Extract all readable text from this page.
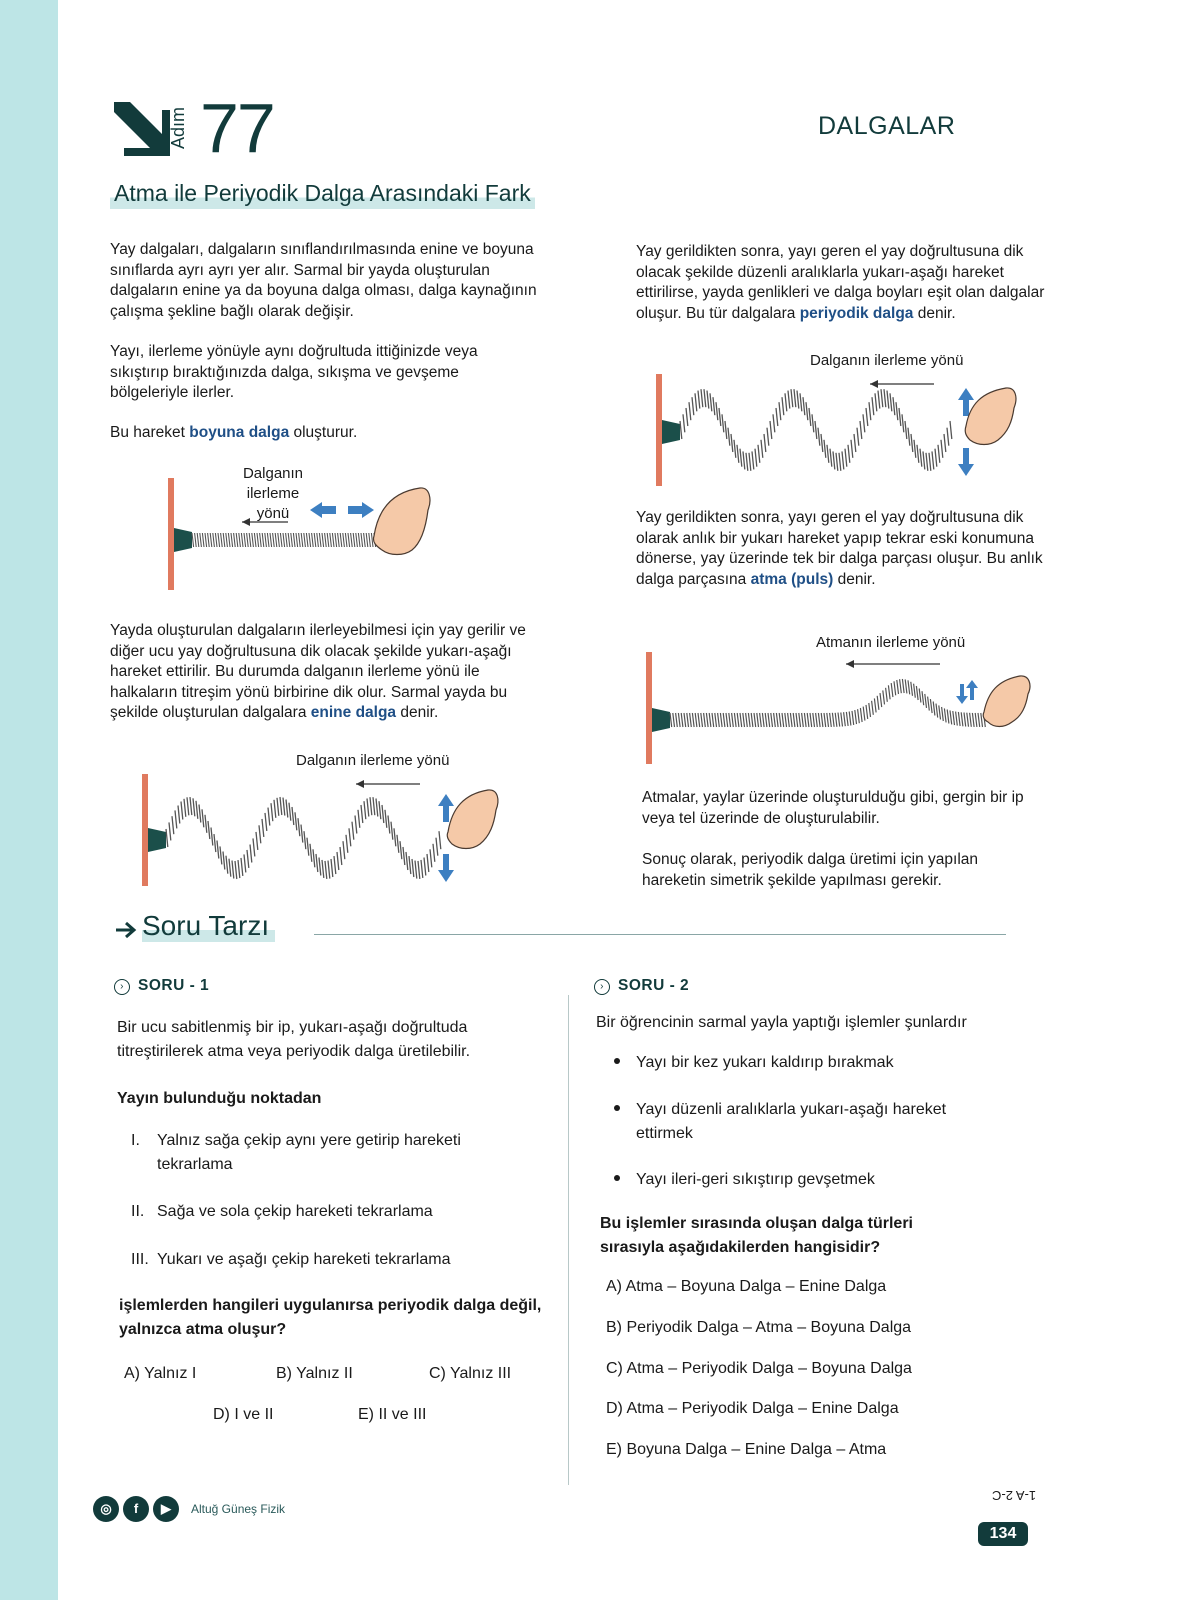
Adım 77	DALGALAR
Atma ile Periyodik Dalga Arasındaki Fark

Yay dalgaları, dalgaların sınıflandırılmasında enine ve boyuna sınıflarda ayrı ayrı yer alır. Sarmal bir yayda oluşturulan dalgaların enine ya da boyuna dalga olması, dalga kaynağının çalışma şekline bağlı olarak değişir.

Yayı, ilerleme yönüyle aynı doğrultuda ittiğinizde veya sıkıştırıp bıraktığınızda dalga, sıkışma ve gevşeme bölgeleriyle ilerler.

Bu hareket boyuna dalga oluşturur.

Dalganın
ilerleme
yönü

Yayda oluşturulan dalgaların ilerleyebilmesi için yay gerilir ve diğer ucu yay doğrultusuna dik olacak şekilde yukarı-aşağı hareket ettirilir. Bu durumda dalganın ilerleme yönü ile halkaların titreşim yönü birbirine dik olur. Sarmal yayda bu şekilde oluşturulan dalgalara enine dalga denir.

Dalganın ilerleme yönü

Yay gerildikten sonra, yayı geren el yay doğrultusuna dik olacak şekilde düzenli aralıklarla yukarı-aşağı hareket ettirilirse, yayda genlikleri ve dalga boyları eşit olan dalgalar oluşur. Bu tür dalgalara periyodik dalga denir.

Dalganın ilerleme yönü

Yay gerildikten sonra, yayı geren el yay doğrultusuna dik olarak anlık bir yukarı hareket yapıp tekrar eski konumuna dönerse, yay üzerinde tek bir dalga parçası oluşur. Bu anlık dalga parçasına atma (puls) denir.

Atmanın ilerleme yönü

Atmalar, yaylar üzerinde oluşturulduğu gibi, gergin bir ip veya tel üzerinde de oluşturulabilir.

Sonuç olarak, periyodik dalga üretimi için yapılan hareketin simetrik şekilde yapılması gerekir.

Soru Tarzı
› SORU - 1
Bir ucu sabitlenmiş bir ip, yukarı-aşağı doğrultuda titreştirilerek atma veya periyodik dalga üretilebilir.
Yayın bulunduğu noktadan
I. Yalnız sağa çekip aynı yere getirip hareketi tekrarlama
II. Sağa ve sola çekip hareketi tekrarlama
III. Yukarı ve aşağı çekip hareketi tekrarlama
işlemlerden hangileri uygulanırsa periyodik dalga değil, yalnızca atma oluşur?
A) Yalnız I	B) Yalnız II	C) Yalnız III
D) I ve II	E) II ve III
› SORU - 2
Bir öğrencinin sarmal yayla yaptığı işlemler şunlardır
Yayı bir kez yukarı kaldırıp bırakmak
Yayı düzenli aralıklarla yukarı-aşağı hareket ettirmek
Yayı ileri-geri sıkıştırıp gevşetmek
Bu işlemler sırasında oluşan dalga türleri sırasıyla aşağıdakilerden hangisidir?
A) Atma – Boyuna Dalga – Enine Dalga
B) Periyodik Dalga – Atma – Boyuna Dalga
C) Atma – Periyodik Dalga – Boyuna Dalga
D) Atma – Periyodik Dalga – Enine Dalga
E) Boyuna Dalga – Enine Dalga – Atma
◎	f	▶	Altuğ Güneş Fizik
1-A 2-C
134
